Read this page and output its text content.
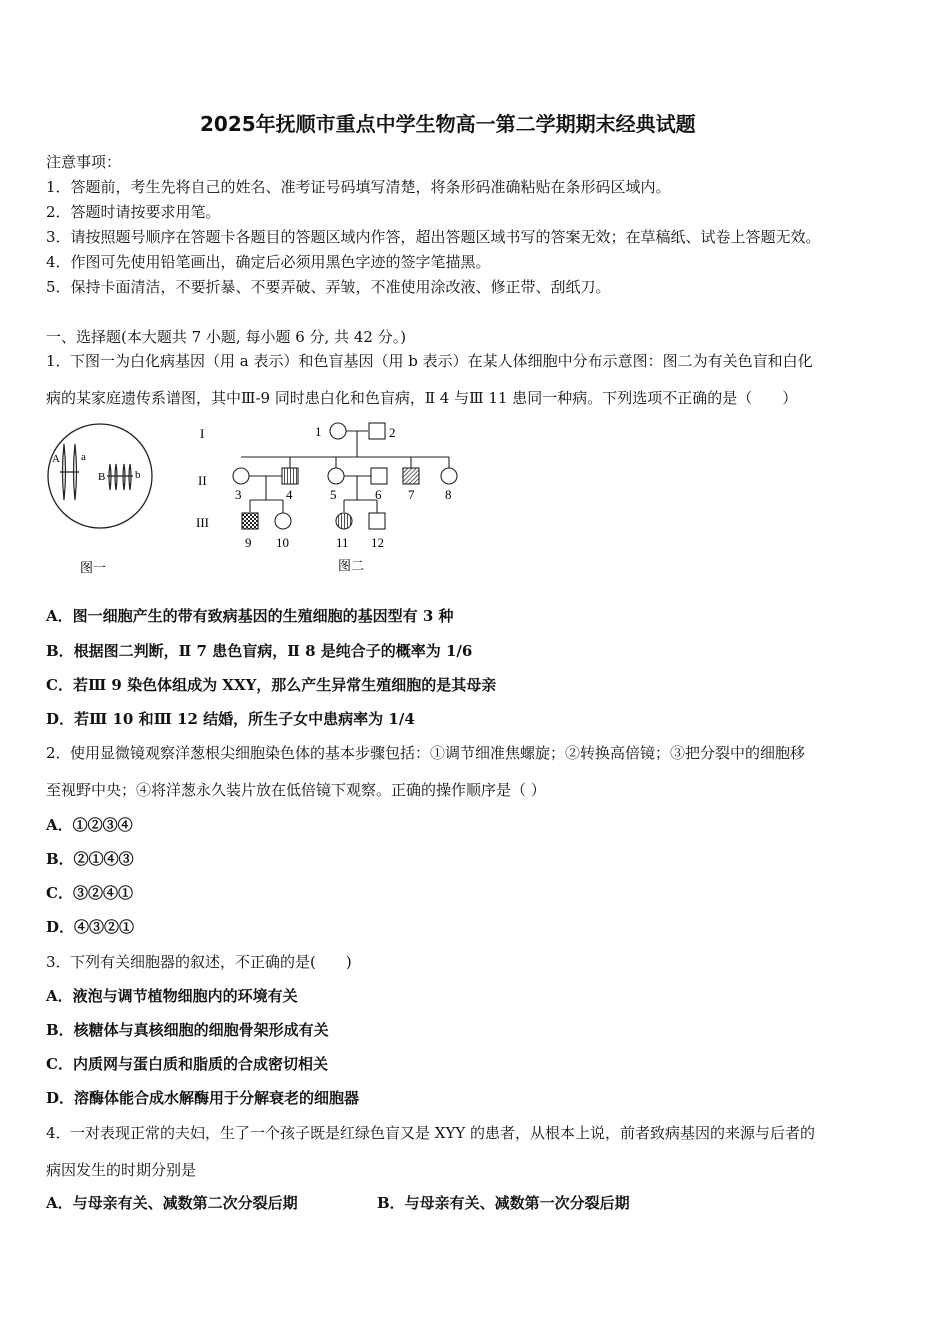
2025年抚顺市重点中学生物高一第二学期期末经典试题
注意事项：
1．答题前，考生先将自己的姓名、准考证号码填写清楚，将条形码准确粘贴在条形码区域内。
2．答题时请按要求用笔。
3．请按照题号顺序在答题卡各题目的答题区域内作答，超出答题区域书写的答案无效；在草稿纸、试卷上答题无效。
4．作图可先使用铅笔画出，确定后必须用黑色字迹的签字笔描黑。
5．保持卡面清洁，不要折暴、不要弄破、弄皱，不准使用涂改液、修正带、刮纸刀。
一、选择题(本大题共 7 小题, 每小题 6 分, 共 42 分。)
1． 下图一为白化病基因（用 a 表示）和色盲基因（用 b 表示）在某人体细胞中分布示意图：图二为有关色盲和白化
病的某家庭遗传系谱图，其中Ⅲ-9 同时患白化和色盲病，Ⅱ 4 与Ⅲ 11 患同一种病。下列选项不正确的是（　　）
A a
B	b
图一
I
II
III
1	2
3	4	5	6 7 8
9 10	11 12
图二
A．图一细胞产生的带有致病基因的生殖细胞的基因型有 3 种
B．根据图二判断，Ⅱ 7 患色盲病，Ⅱ 8 是纯合子的概率为 1/6
C．若Ⅲ 9 染色体组成为 XXY，那么产生异常生殖细胞的是其母亲
D．若Ⅲ 10 和Ⅲ 12 结婚，所生子女中患病率为 1/4
2． 使用显微镜观察洋葱根尖细胞染色体的基本步骤包括：①调节细准焦螺旋；②转换高倍镜；③把分裂中的细胞移
至视野中央；④将洋葱永久装片放在低倍镜下观察。正确的操作顺序是（ ）
A．①②③④
B．②①④③
C．③②④①
D．④③②①
3． 下列有关细胞器的叙述，不正确的是(　　)
A．液泡与调节植物细胞内的环境有关
B．核糖体与真核细胞的细胞骨架形成有关
C．内质网与蛋白质和脂质的合成密切相关
D．溶酶体能合成水解酶用于分解衰老的细胞器
4． 一对表现正常的夫妇，生了一个孩子既是红绿色盲又是 XYY 的患者，从根本上说，前者致病基因的来源与后者的
病因发生的时期分别是
A．与母亲有关、减数第二次分裂后期	B．与母亲有关、减数第一次分裂后期
